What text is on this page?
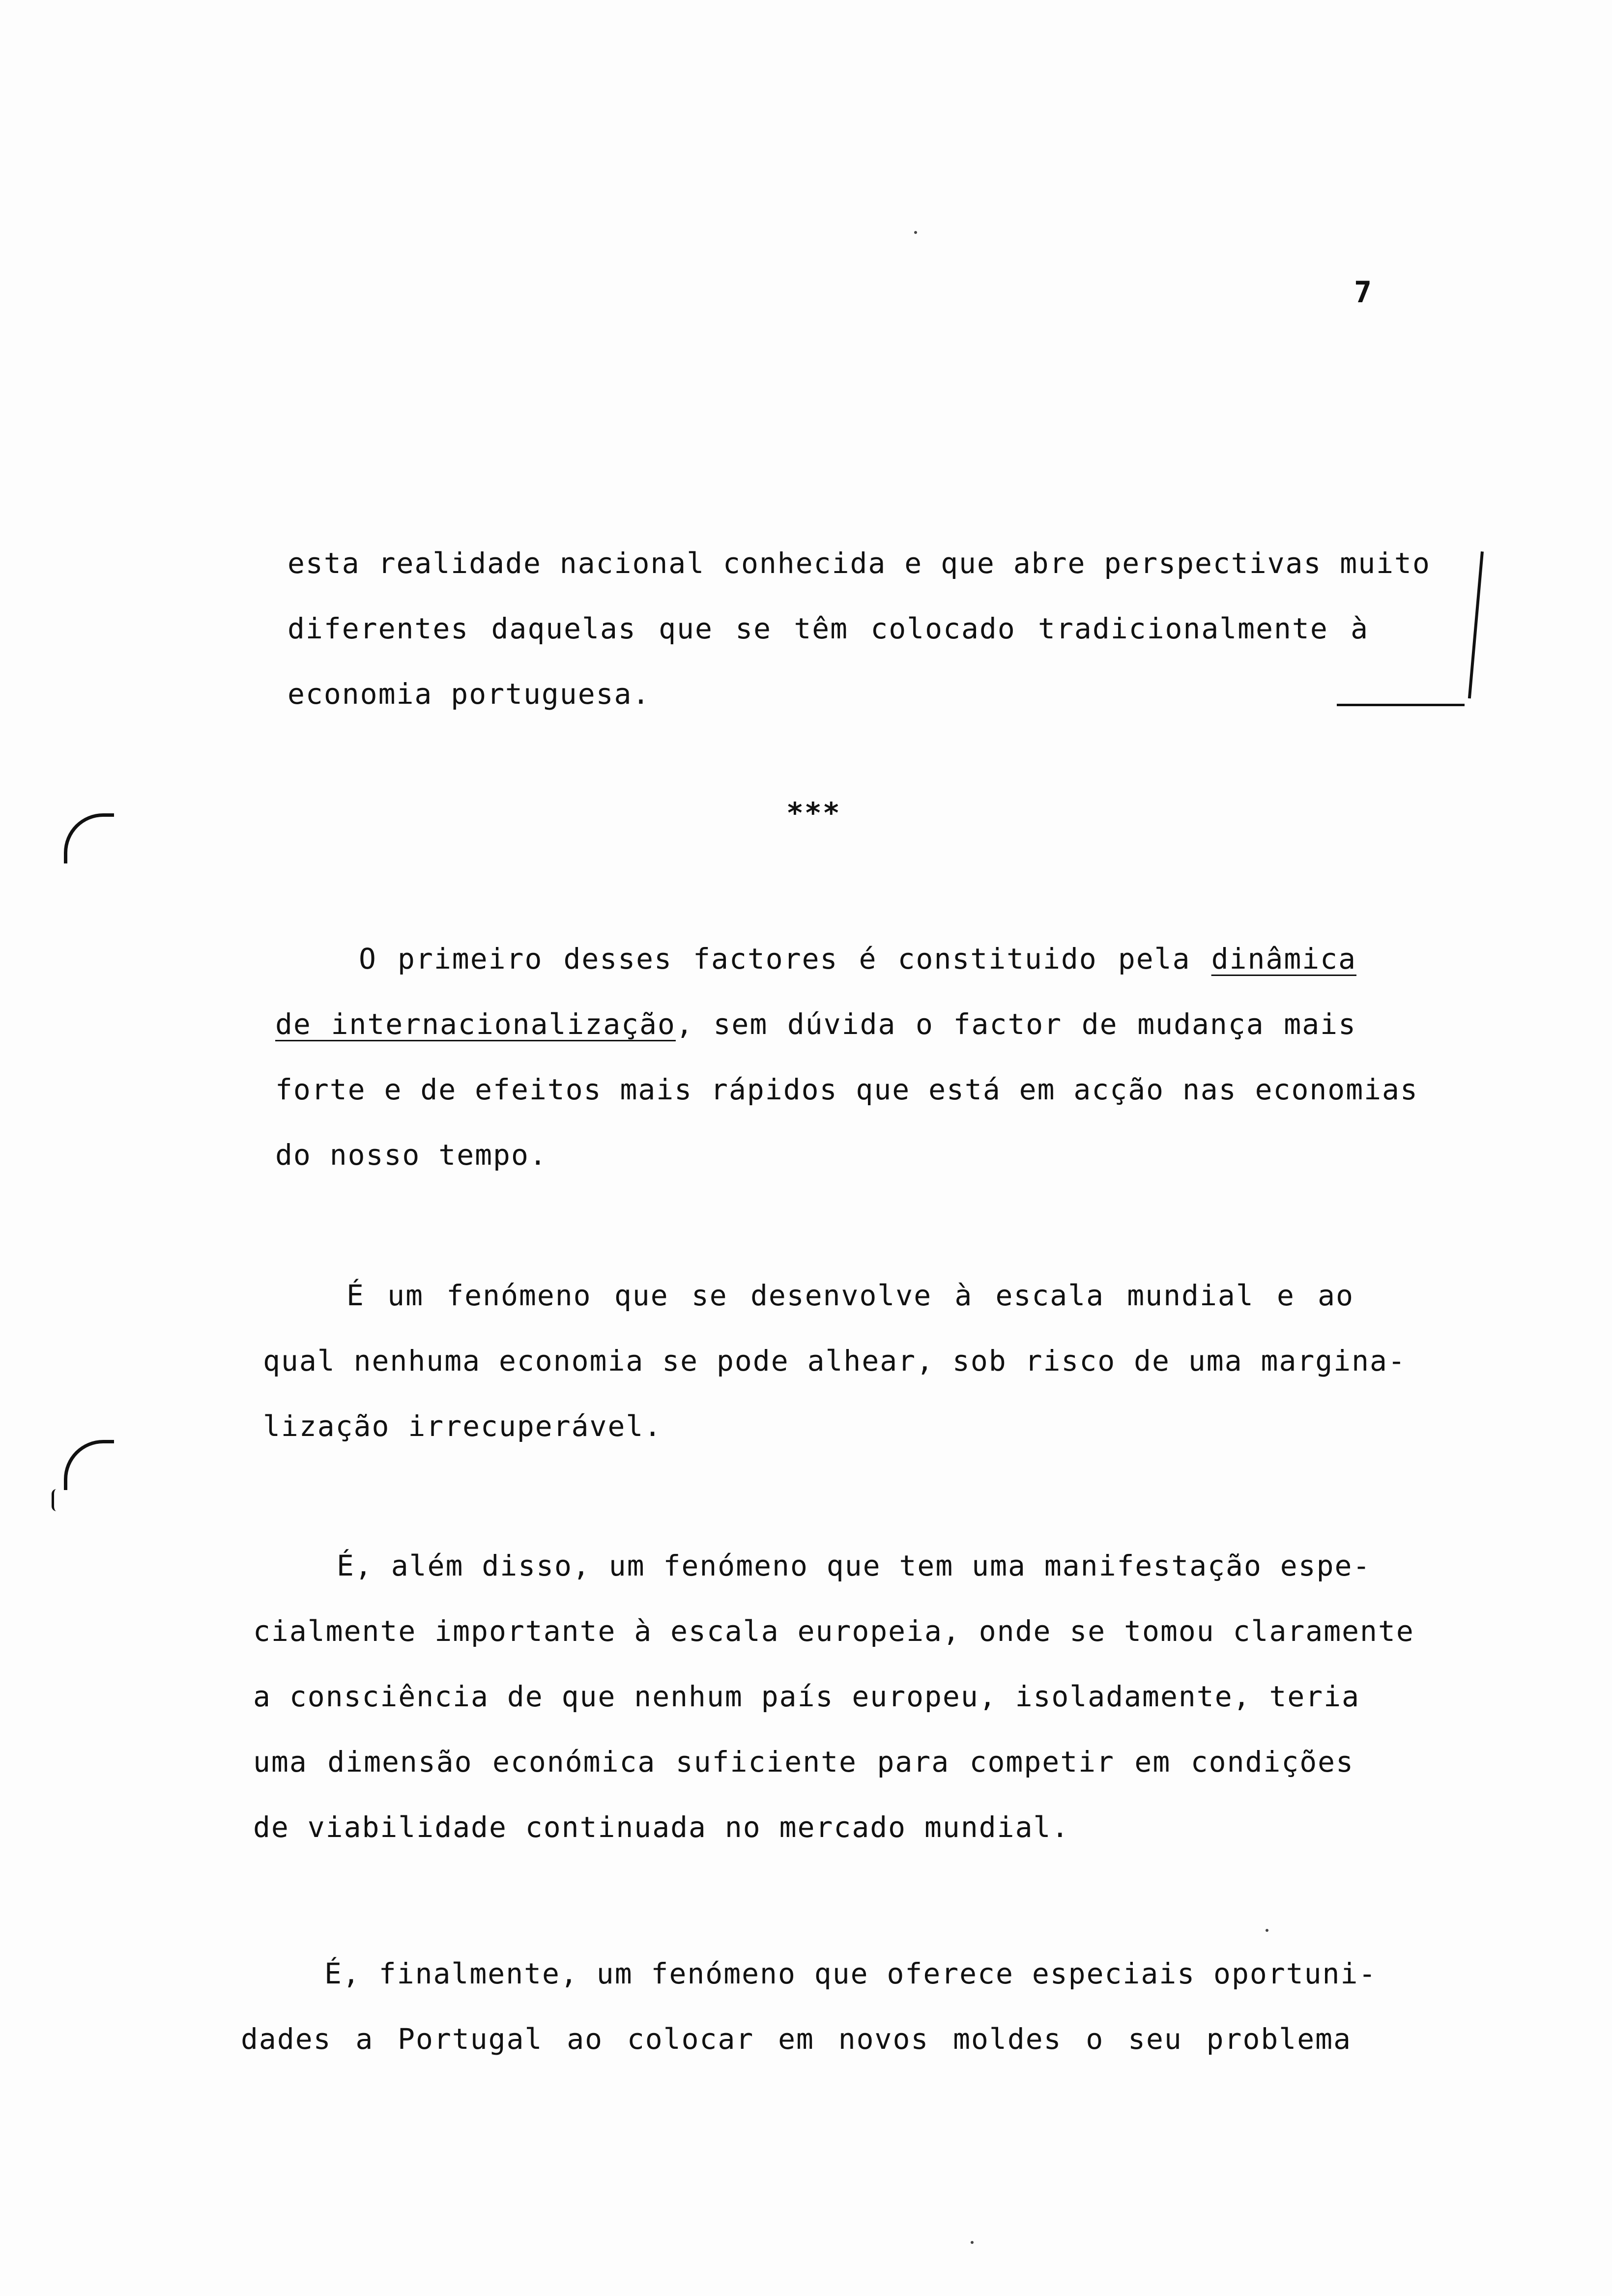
7
esta realidade nacional conhecida e que abre perspectivas muito
diferentes daquelas que se têm colocado tradicionalmente à
economia portuguesa.
***
O primeiro desses factores é constituido pela dinâmica
de internacionalização, sem dúvida o factor de mudança mais
forte e de efeitos mais rápidos que está em acção nas economias
do nosso tempo.
É um fenómeno que se desenvolve à escala mundial e ao
qual nenhuma economia se pode alhear, sob risco de uma margina-
lização irrecuperável.
É, além disso, um fenómeno que tem uma manifestação espe-
cialmente importante à escala europeia, onde se tomou claramente
a consciência de que nenhum país europeu, isoladamente, teria
uma dimensão económica suficiente para competir em condições
de viabilidade continuada no mercado mundial.
É, finalmente, um fenómeno que oferece especiais oportuni-
dades a Portugal ao colocar em novos moldes o seu problema
